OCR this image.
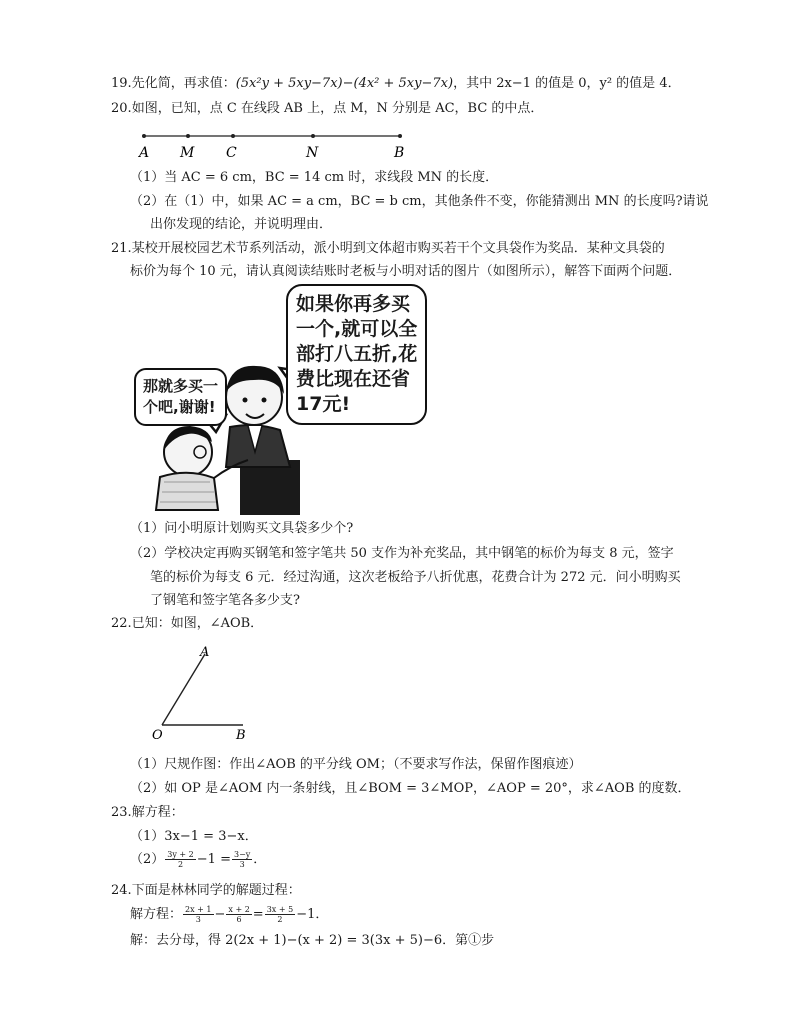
19.先化简，再求值：(5x²y + 5xy−7x)−(4x² + 5xy−7x)，其中 2x−1 的值是 0，y² 的值是 4．
20.如图，已知，点 C 在线段 AB 上，点 M，N 分别是 AC，BC 的中点．
A M C	N	B
（1）当 AC = 6 cm，BC = 14 cm 时，求线段 MN 的长度．
（2）在（1）中，如果 AC = a cm，BC = b cm，其他条件不变，你能猜测出 MN 的长度吗?请说
出你发现的结论，并说明理由．
21.某校开展校园艺术节系列活动，派小明到文体超市购买若干个文具袋作为奖品．某种文具袋的
标价为每个 10 元，请认真阅读结账时老板与小明对话的图片（如图所示），解答下面两个问题．
如果你再多买
一个,就可以全
部打八五折,花
费比现在还省
17元!
那就多买一
个吧,谢谢!
（1）问小明原计划购买文具袋多少个?
（2）学校决定再购买钢笔和签字笔共 50 支作为补充奖品，其中钢笔的标价为每支 8 元，签字
笔的标价为每支 6 元．经过沟通，这次老板给予八折优惠，花费合计为 272 元．问小明购买
了钢笔和签字笔各多少支?
22.已知：如图，∠AOB．
A
O	B
（1）尺规作图：作出∠AOB 的平分线 OM；（不要求写作法，保留作图痕迹）
（2）如 OP 是∠AOM 内一条射线，且∠BOM = 3∠MOP，∠AOP = 20°，求∠AOB 的度数．
23.解方程：
（1）3x−1 = 3−x．
$(2) \frac{3y + 2}{2} -1 = \frac{3-y}{3}$ ．
24.下面是林林同学的解题过程：
解方程： $\frac{2x + 1}{3} - \frac{x + 2}{6} = \frac{3x + 5}{2} -1$．
解：去分母，得 2(2x + 1)−(x + 2) = 3(3x + 5)−6．第①步
